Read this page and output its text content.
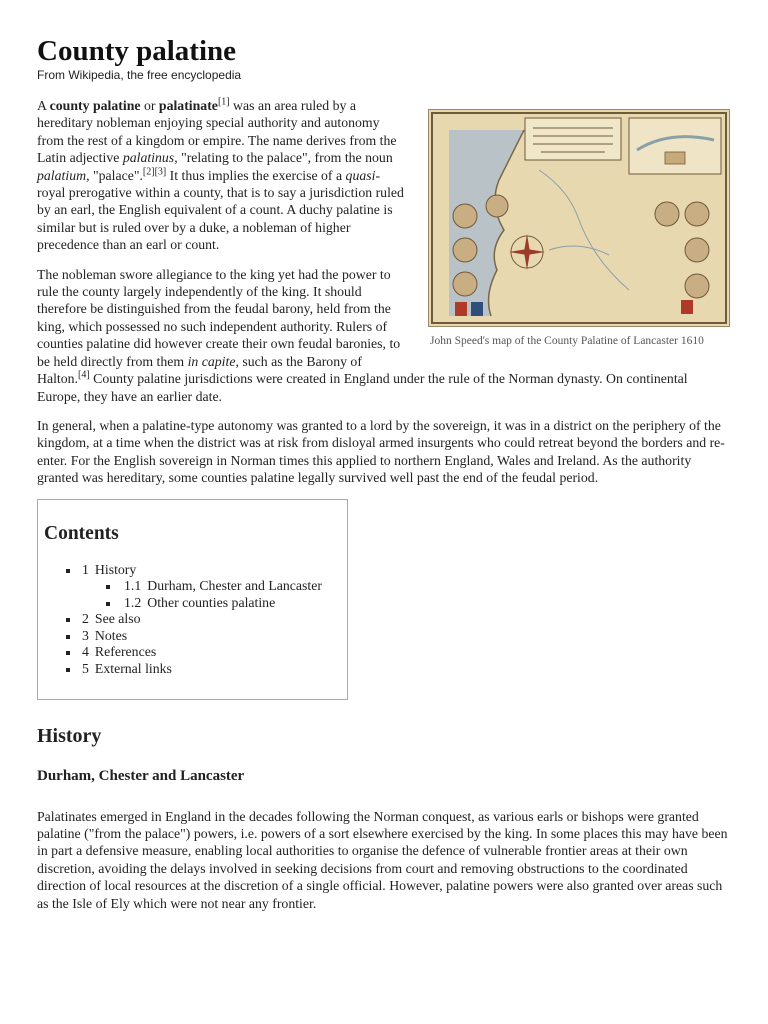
County palatine
From Wikipedia, the free encyclopedia
John Speed's map of the County Palatine of Lancaster 1610

A county palatine or palatinate[1] was an area ruled by a hereditary nobleman enjoying special authority and autonomy from the rest of a kingdom or empire. The name derives from the Latin adjective palatinus, "relating to the palace", from the noun palatium, "palace".[2][3] It thus implies the exercise of a quasi-royal prerogative within a county, that is to say a jurisdiction ruled by an earl, the English equivalent of a count. A duchy palatine is similar but is ruled over by a duke, a nobleman of higher precedence than an earl or count.

The nobleman swore allegiance to the king yet had the power to rule the county largely independently of the king. It should therefore be distinguished from the feudal barony, held from the king, which possessed no such independent authority. Rulers of counties palatine did however create their own feudal baronies, to be held directly from them in capite, such as the Barony of Halton.[4] County palatine jurisdictions were created in England under the rule of the Norman dynasty. On continental Europe, they have an earlier date.

In general, when a palatine-type autonomy was granted to a lord by the sovereign, it was in a district on the periphery of the kingdom, at a time when the district was at risk from disloyal armed insurgents who could retreat beyond the borders and re-enter. For the English sovereign in Norman times this applied to northern England, Wales and Ireland. As the authority granted was hereditary, some counties palatine legally survived well past the end of the feudal period.

Contents
1 History
1.1 Durham, Chester and Lancaster
1.2 Other counties palatine
2 See also
3 Notes
4 References
5 External links
History
Durham, Chester and Lancaster

Palatinates emerged in England in the decades following the Norman conquest, as various earls or bishops were granted palatine ("from the palace") powers, i.e. powers of a sort elsewhere exercised by the king. In some places this may have been in part a defensive measure, enabling local authorities to organise the defence of vulnerable frontier areas at their own discretion, avoiding the delays involved in seeking decisions from court and removing obstructions to the coordinated direction of local resources at the discretion of a single official. However, palatine powers were also granted over areas such as the Isle of Ely which were not near any frontier.
